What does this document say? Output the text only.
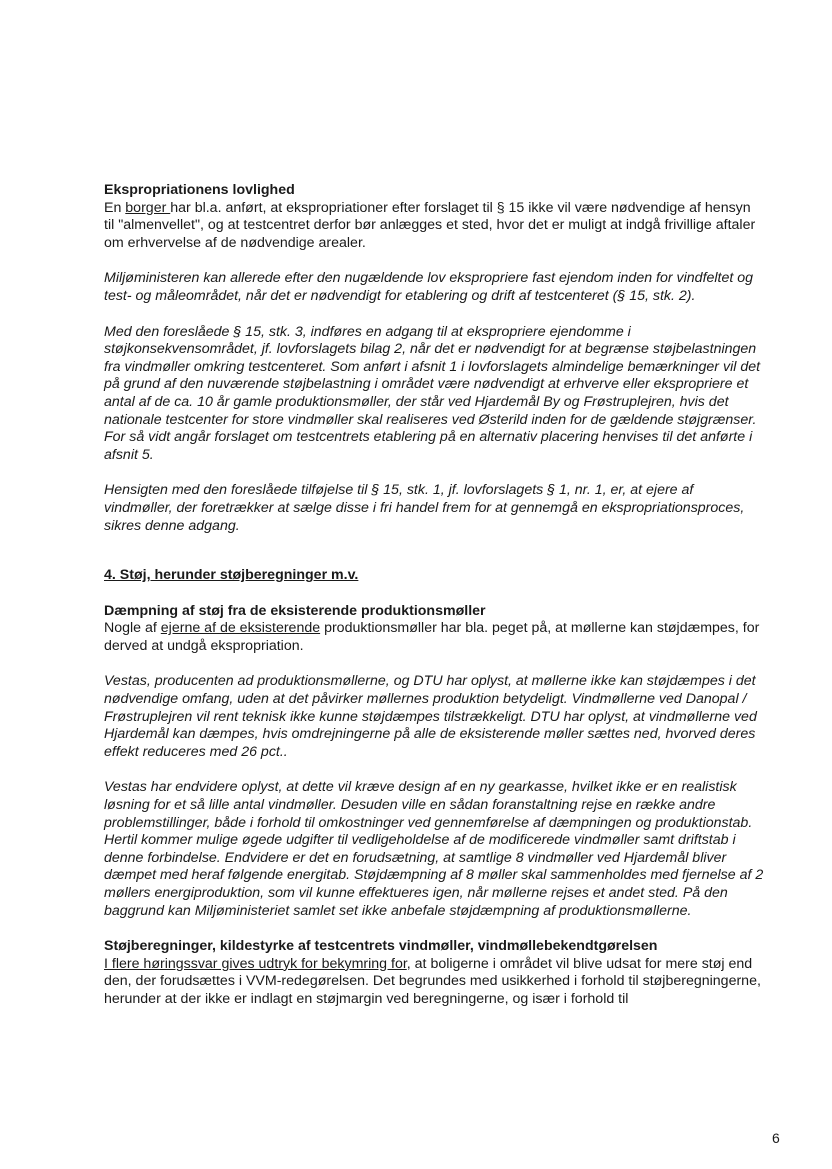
Ekspropriationens lovlighed

En borger har bl.a. anført, at ekspropriationer efter forslaget til § 15 ikke vil være nødvendige af hensyn til "almenvellet", og at testcentret derfor bør anlægges et sted, hvor det er muligt at indgå frivillige aftaler om erhvervelse af de nødvendige arealer.

Miljøministeren kan allerede efter den nugældende lov ekspropriere fast ejendom inden for vindfeltet og test- og måleområdet, når det er nødvendigt for etablering og drift af testcenteret (§ 15, stk. 2).

Med den foreslåede § 15, stk. 3, indføres en adgang til at ekspropriere ejendomme i støjkonsekvensområdet, jf. lovforslagets bilag 2, når det er nødvendigt for at begrænse støjbelastningen fra vindmøller omkring testcenteret. Som anført i afsnit 1 i lovforslagets almindelige bemærkninger vil det på grund af den nuværende støjbelastning i området være nødvendigt at erhverve eller ekspropriere et antal af de ca. 10 år gamle produktionsmøller, der står ved Hjardemål By og Frøstruplejren, hvis det nationale testcenter for store vindmøller skal realiseres ved Østerild inden for de gældende støjgrænser. For så vidt angår forslaget om testcentrets etablering på en alternativ placering henvises til det anførte i afsnit 5.

Hensigten med den foreslåede tilføjelse til § 15, stk. 1, jf. lovforslagets § 1, nr. 1, er, at ejere af vindmøller, der foretrækker at sælge disse i fri handel frem for at gennemgå en ekspropriationsproces, sikres denne adgang.

4. Støj, herunder støjberegninger m.v.

Dæmpning af støj fra de eksisterende produktionsmøller

Nogle af ejerne af de eksisterende produktionsmøller har bla. peget på, at møllerne kan støjdæmpes, for derved at undgå ekspropriation.

Vestas, producenten ad produktionsmøllerne, og DTU har oplyst, at møllerne ikke kan støjdæmpes i det nødvendige omfang, uden at det påvirker møllernes produktion betydeligt. Vindmøllerne ved Danopal / Frøstruplejren vil rent teknisk ikke kunne støjdæmpes tilstrækkeligt. DTU har oplyst, at vindmøllerne ved Hjardemål kan dæmpes, hvis omdrejningerne på alle de eksisterende møller sættes ned, hvorved deres effekt reduceres med 26 pct..

Vestas har endvidere oplyst, at dette vil kræve design af en ny gearkasse, hvilket ikke er en realistisk løsning for et så lille antal vindmøller. Desuden ville en sådan foranstaltning rejse en række andre problemstillinger, både i forhold til omkostninger ved gennemførelse af dæmpningen og produktionstab. Hertil kommer mulige øgede udgifter til vedligeholdelse af de modificerede vindmøller samt driftstab i denne forbindelse. Endvidere er det en forudsætning, at samtlige 8 vindmøller ved Hjardemål bliver dæmpet med heraf følgende energitab. Støjdæmpning af 8 møller skal sammenholdes med fjernelse af 2 møllers energiproduktion, som vil kunne effektueres igen, når møllerne rejses et andet sted. På den baggrund kan Miljøministeriet samlet set ikke anbefale støjdæmpning af produktionsmøllerne.

Støjberegninger, kildestyrke af testcentrets vindmøller, vindmøllebekendtgørelsen

I flere høringssvar gives udtryk for bekymring for, at boligerne i området vil blive udsat for mere støj end den, der forudsættes i VVM-redegørelsen. Det begrundes med usikkerhed i forhold til støjberegningerne, herunder at der ikke er indlagt en støjmargin ved beregningerne, og især i forhold til

6
